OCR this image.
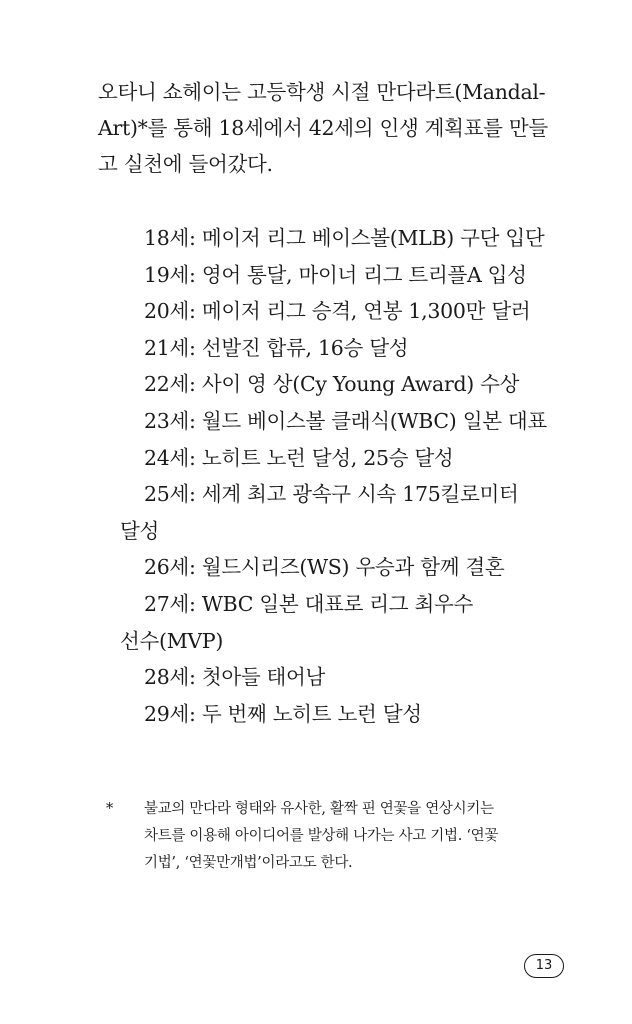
오타니 쇼헤이는 고등학생 시절 만다라트(Mandal-

Art)*를 통해 18세에서 42세의 인생 계획표를 만들

고 실천에 들어갔다.

18세: 메이저 리그 베이스볼(MLB) 구단 입단
19세: 영어 통달, 마이너 리그 트리플A 입성
20세: 메이저 리그 승격, 연봉 1,300만 달러
21세: 선발진 합류, 16승 달성
22세: 사이 영 상(Cy Young Award) 수상
23세: 월드 베이스볼 클래식(WBC) 일본 대표
24세: 노히트 노런 달성, 25승 달성
25세: 세계 최고 광속구 시속 175킬로미터
달성
26세: 월드시리즈(WS) 우승과 함께 결혼
27세: WBC 일본 대표로 리그 최우수
선수(MVP)
28세: 첫아들 태어남
29세: 두 번째 노히트 노런 달성
* 불교의 만다라 형태와 유사한, 활짝 핀 연꽃을 연상시키는
차트를 이용해 아이디어를 발상해 나가는 사고 기법. ‘연꽃
기법’, ‘연꽃만개법’이라고도 한다.
13
